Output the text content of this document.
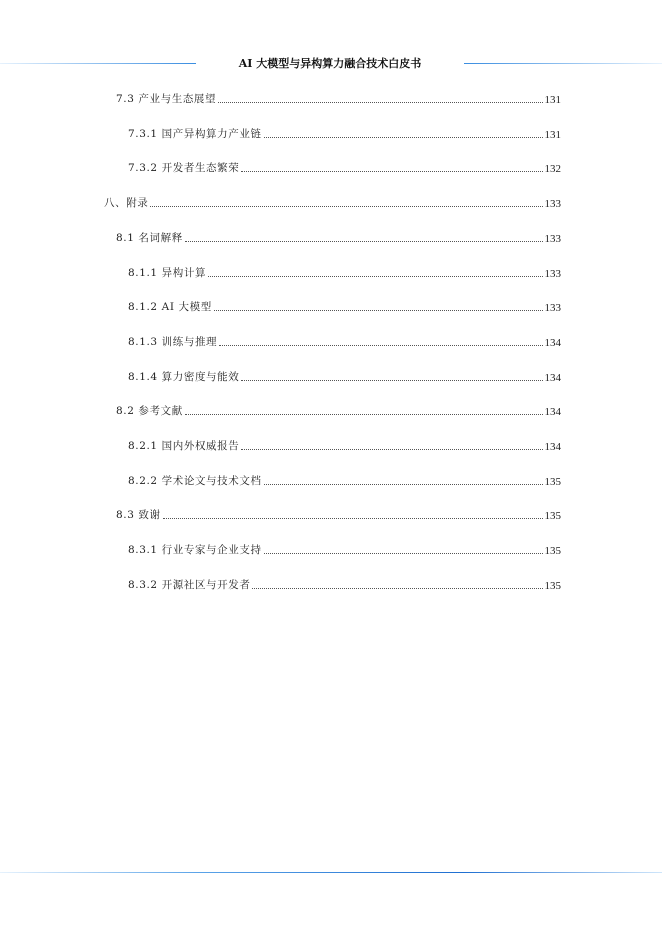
AI 大模型与异构算力融合技术白皮书
7.3 产业与生态展望	131
7.3.1 国产异构算力产业链	131
7.3.2 开发者生态繁荣	132
八、附录	133
8.1 名词解释	133
8.1.1 异构计算	133
8.1.2 AI 大模型	133
8.1.3 训练与推理	134
8.1.4 算力密度与能效	134
8.2 参考文献	134
8.2.1 国内外权威报告	134
8.2.2 学术论文与技术文档	135
8.3 致谢	135
8.3.1 行业专家与企业支持	135
8.3.2 开源社区与开发者	135
